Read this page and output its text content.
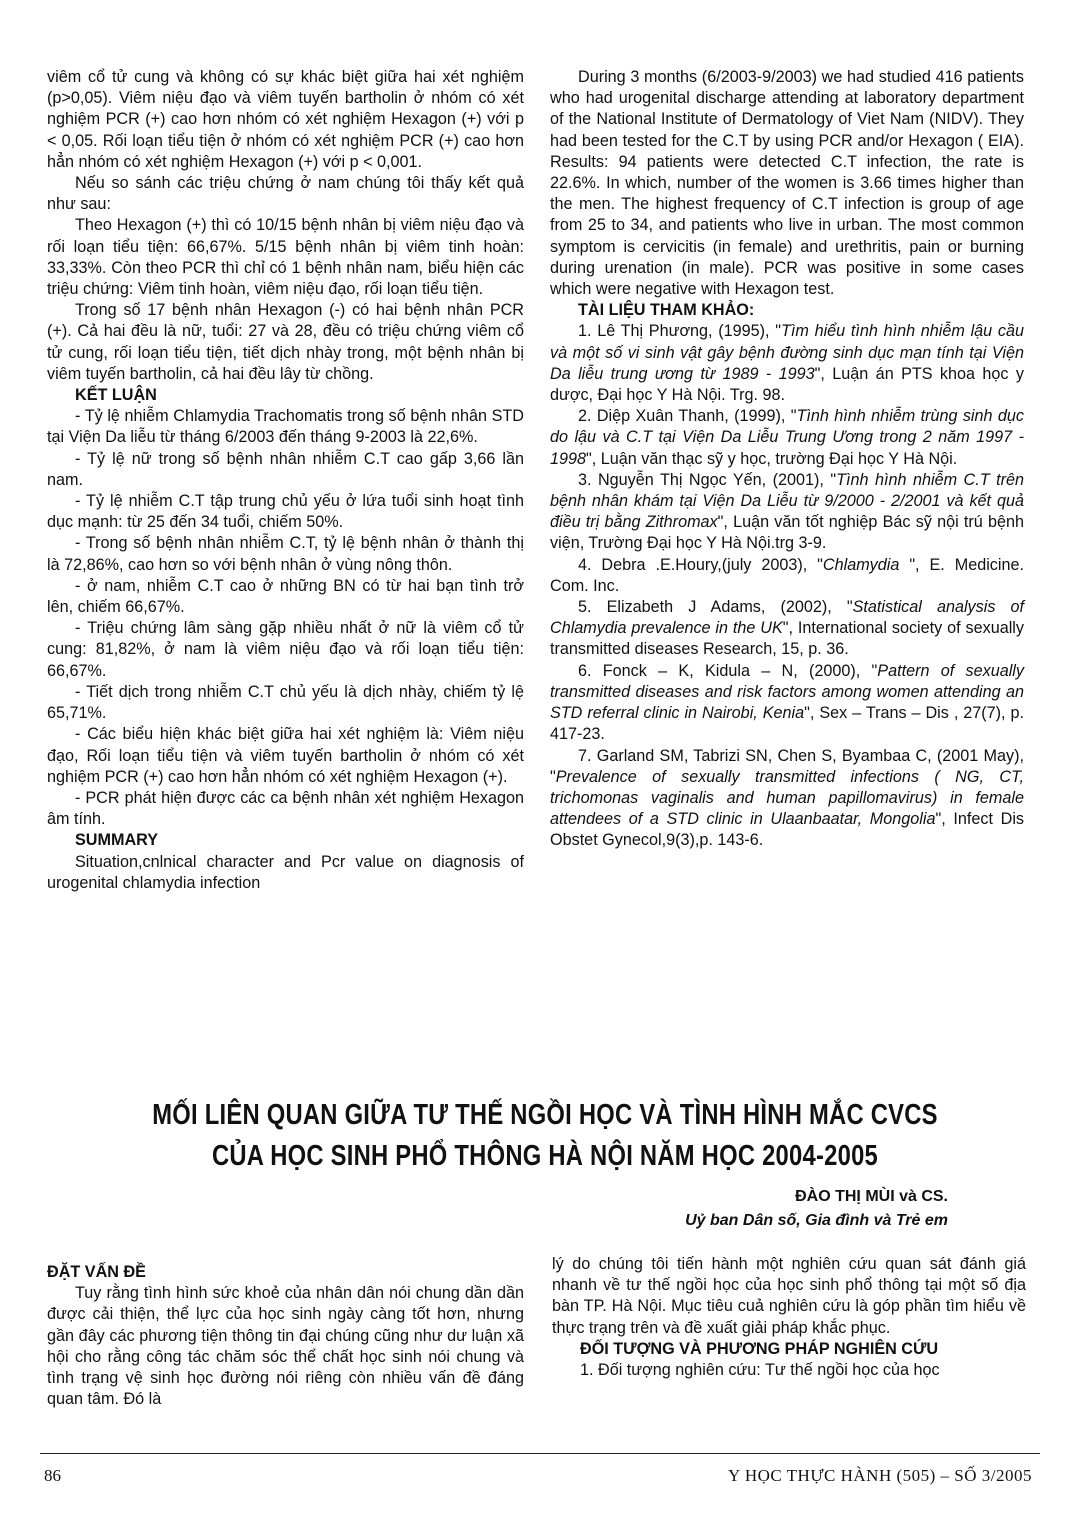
viêm cổ tử cung và không có sự khác biệt giữa hai xét nghiệm (p>0,05). Viêm niệu đạo và viêm tuyến bartholin ở nhóm có xét nghiệm PCR (+) cao hơn nhóm có xét nghiệm Hexagon (+) với p < 0,05. Rối loạn tiểu tiện ở nhóm có xét nghiệm PCR (+) cao hơn hẳn nhóm có xét nghiệm Hexagon (+) với p < 0,001.

Nếu so sánh các triệu chứng ở nam chúng tôi thấy kết quả như sau:

Theo Hexagon (+) thì có 10/15 bệnh nhân bị viêm niệu đạo và rối loạn tiểu tiện: 66,67%. 5/15 bệnh nhân bị viêm tinh hoàn: 33,33%. Còn theo PCR thì chỉ có 1 bệnh nhân nam, biểu hiện các triệu chứng: Viêm tinh hoàn, viêm niệu đạo, rối loạn tiểu tiện.

Trong số 17 bệnh nhân Hexagon (-) có hai bệnh nhân PCR (+). Cả hai đều là nữ, tuổi: 27 và 28, đều có triệu chứng viêm cổ tử cung, rối loạn tiểu tiện, tiết dịch nhày trong, một bệnh nhân bị viêm tuyến bartholin, cả hai đều lây từ chồng.

KẾT LUẬN

- Tỷ lệ nhiễm Chlamydia Trachomatis trong số bệnh nhân STD tại Viện Da liễu từ tháng 6/2003 đến tháng 9-2003 là 22,6%.

- Tỷ lệ nữ trong số bệnh nhân nhiễm C.T cao gấp 3,66 lần nam.

- Tỷ lệ nhiễm C.T tập trung chủ yếu ở lứa tuổi sinh hoạt tình dục mạnh: từ 25 đến 34 tuổi, chiếm 50%.

- Trong số bệnh nhân nhiễm C.T, tỷ lệ bệnh nhân ở thành thị là 72,86%, cao hơn so với bệnh nhân ở vùng nông thôn.

- ở nam, nhiễm C.T cao ở những BN có từ hai bạn tình trở lên, chiếm 66,67%.

- Triệu chứng lâm sàng gặp nhiều nhất ở nữ là viêm cổ tử cung: 81,82%, ở nam là viêm niệu đạo và rối loạn tiểu tiện: 66,67%.

- Tiết dịch trong nhiễm C.T chủ yếu là dịch nhày, chiếm tỷ lệ 65,71%.

- Các biểu hiện khác biệt giữa hai xét nghiệm là: Viêm niệu đạo, Rối loạn tiểu tiện và viêm tuyến bartholin ở nhóm có xét nghiệm PCR (+) cao hơn hẳn nhóm có xét nghiệm Hexagon (+).

- PCR phát hiện được các ca bệnh nhân xét nghiệm Hexagon âm tính.

SUMMARY

Situation,cnlnical character and Pcr value on diagnosis of urogenital chlamydia infection

During 3 months (6/2003-9/2003) we had studied 416 patients who had urogenital discharge attending at laboratory department of the National Institute of Dermatology of Viet Nam (NIDV). They had been tested for the C.T by using PCR and/or Hexagon ( EIA). Results: 94 patients were detected C.T infection, the rate is 22.6%. In which, number of the women is 3.66 times higher than the men. The highest frequency of C.T infection is group of age from 25 to 34, and patients who live in urban. The most common symptom is cervicitis (in female) and urethritis, pain or burning during urenation (in male). PCR was positive in some cases which were negative with Hexagon test.

TÀI LIỆU THAM KHẢO:

1. Lê Thị Phương, (1995), "Tìm hiểu tình hình nhiễm lậu cầu và một số vi sinh vật gây bệnh đường sinh dục mạn tính tại Viện Da liễu trung ương từ 1989 - 1993", Luận án PTS khoa học y dược, Đại học Y Hà Nội. Trg. 98.

2. Diệp Xuân Thanh, (1999), "Tình hình nhiễm trùng sinh dục do lậu và C.T tại Viện Da Liễu Trung Ương trong 2 năm 1997 - 1998", Luận văn thạc sỹ y học, trường Đại học Y Hà Nội.

3. Nguyễn Thị Ngọc Yến, (2001), "Tình hình nhiễm C.T trên bệnh nhân khám tại Viện Da Liễu từ 9/2000 - 2/2001 và kết quả điều trị bằng Zithromax", Luận văn tốt nghiệp Bác sỹ nội trú bệnh viện, Trường Đại học Y Hà Nội.trg 3-9.

4. Debra .E.Houry,(july 2003), "Chlamydia ", E. Medicine. Com. Inc.

5. Elizabeth J Adams, (2002), "Statistical analysis of Chlamydia prevalence in the UK", International society of sexually transmitted diseases Research, 15, p. 36.

6. Fonck – K, Kidula – N, (2000), "Pattern of sexually transmitted diseases and risk factors among women attending an STD referral clinic in Nairobi, Kenia", Sex – Trans – Dis , 27(7), p. 417-23.

7. Garland SM, Tabrizi SN, Chen S, Byambaa C, (2001 May), "Prevalence of sexually transmitted infections ( NG, CT, trichomonas vaginalis and human papillomavirus) in female attendees of a STD clinic in Ulaanbaatar, Mongolia", Infect Dis Obstet Gynecol,9(3),p. 143-6.

MỐI LIÊN QUAN GIỮA TƯ THẾ NGỒI HỌC VÀ TÌNH HÌNH MẮC CVCS
CỦA HỌC SINH PHỔ THÔNG HÀ NỘI NĂM HỌC 2004-2005
ĐÀO THỊ MÙI và CS.
Uỷ ban Dân số, Gia đình và Trẻ em

ĐẶT VẤN ĐỀ

Tuy rằng tình hình sức khoẻ của nhân dân nói chung dần dần được cải thiện, thể lực của học sinh ngày càng tốt hơn, nhưng gần đây các phương tiện thông tin đại chúng cũng như dư luận xã hội cho rằng công tác chăm sóc thể chất học sinh nói chung và tình trạng vệ sinh học đường nói riêng còn nhiều vấn đề đáng quan tâm. Đó là

lý do chúng tôi tiến hành một nghiên cứu quan sát đánh giá nhanh về tư thế ngồi học của học sinh phổ thông tại một số địa bàn TP. Hà Nội. Mục tiêu cuả nghiên cứu là góp phần tìm hiểu về thực trạng trên và đề xuất giải pháp khắc phục.

ĐỐI TƯỢNG VÀ PHƯƠNG PHÁP NGHIÊN CỨU

1. Đối tượng nghiên cứu: Tư thế ngồi học của học

86	Y HỌC THỰC HÀNH (505) – SỐ 3/2005
